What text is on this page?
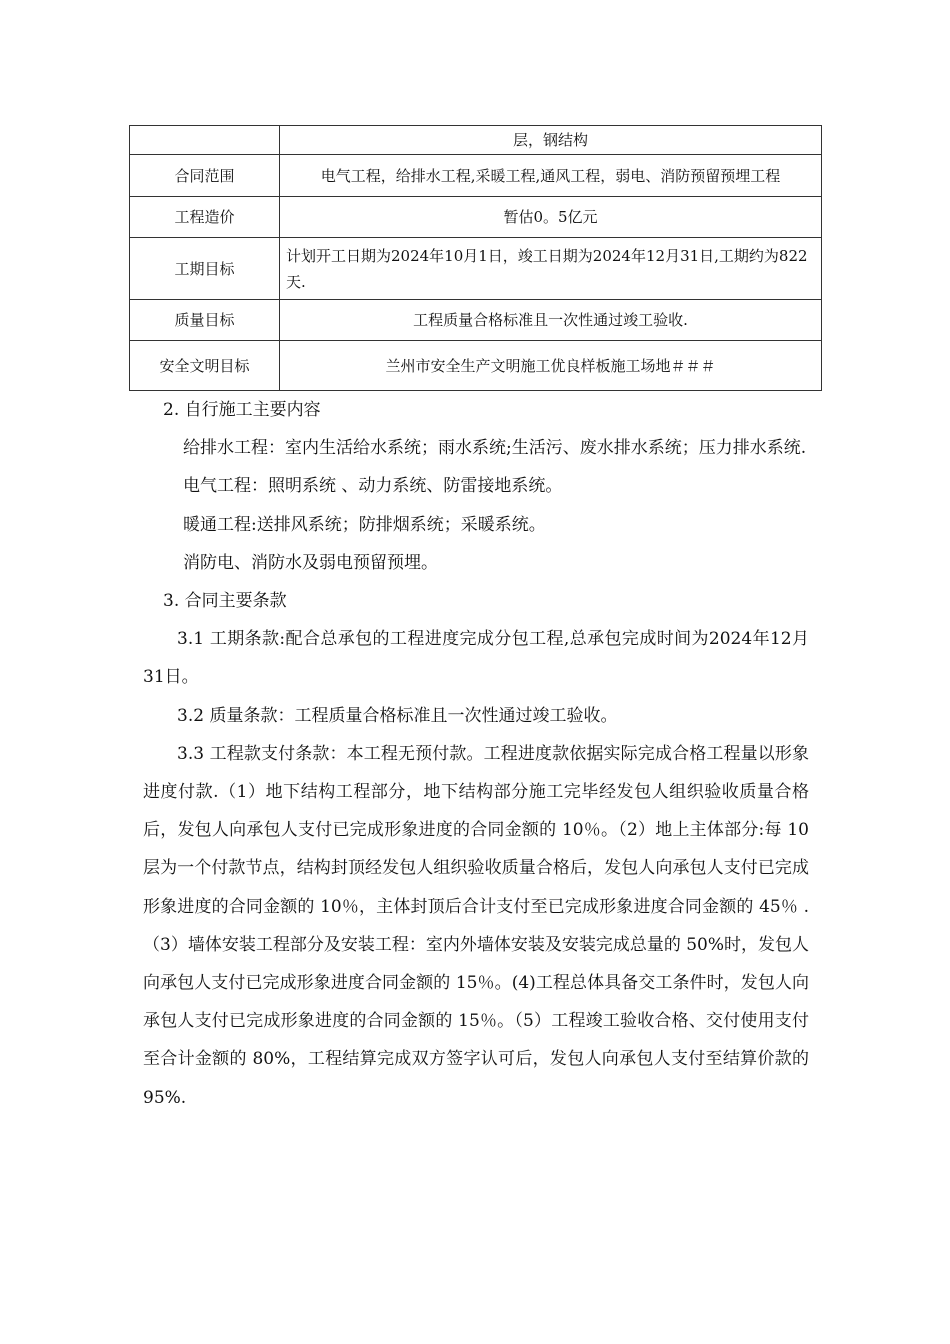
	层，钢结构
合同范围	电气工程，给排水工程,采暖工程,通风工程，弱电、消防预留预埋工程
工程造价	暂估0。5亿元
工期目标	计划开工日期为2024年10月1日，竣工日期为2024年12月31日,工期约为822天.
质量目标	工程质量合格标准且一次性通过竣工验收.
安全文明目标	兰州市安全生产文明施工优良样板施工场地＃＃＃

2. 自行施工主要内容

给排水工程：室内生活给水系统；雨水系统;生活污、废水排水系统；压力排水系统.

电气工程：照明系统 、动力系统、防雷接地系统。

暖通工程:送排风系统；防排烟系统；采暖系统。

消防电、消防水及弱电预留预埋。

3. 合同主要条款

3.1 工期条款:配合总承包的工程进度完成分包工程,总承包完成时间为2024年12月31日。

3.2 质量条款：工程质量合格标准且一次性通过竣工验收。

3.3 工程款支付条款：本工程无预付款。工程进度款依据实际完成合格工程量以形象进度付款.（1）地下结构工程部分，地下结构部分施工完毕经发包人组织验收质量合格后，发包人向承包人支付已完成形象进度的合同金额的 10％。（2）地上主体部分:每 10 层为一个付款节点，结构封顶经发包人组织验收质量合格后，发包人向承包人支付已完成形象进度的合同金额的 10％，主体封顶后合计支付至已完成形象进度合同金额的 45％ .（3）墙体安装工程部分及安装工程：室内外墙体安装及安装完成总量的 50%时，发包人向承包人支付已完成形象进度合同金额的 15％。(4)工程总体具备交工条件时，发包人向承包人支付已完成形象进度的合同金额的 15％。（5）工程竣工验收合格、交付使用支付至合计金额的 80%，工程结算完成双方签字认可后，发包人向承包人支付至结算价款的 95%.
